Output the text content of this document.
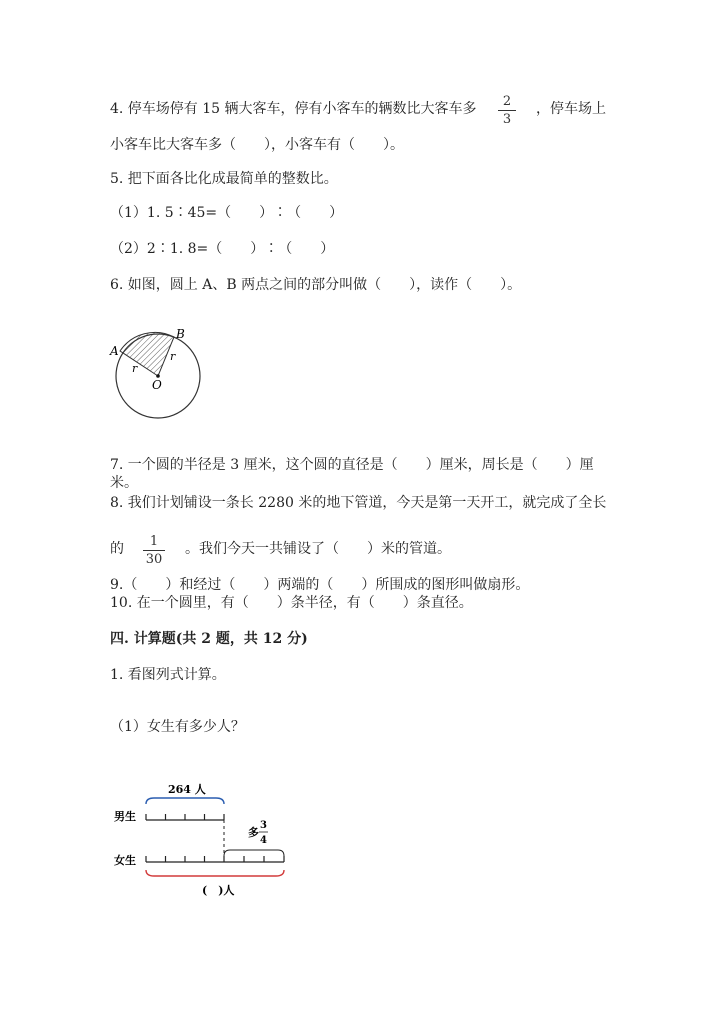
4. 停车场停有 15 辆大客车，停有小客车的辆数比大客车多	2
3
，停车场上
小客车比大客车多（　　），小客车有（　　）。
5. 把下面各比化成最简单的整数比。
（1）1. 5∶45=（　　）∶（　　）
（2）2∶1. 8=（　　）∶（　　）
6. 如图，圆上 A、B 两点之间的部分叫做（　　），读作（　　）。
A
B
O
r
r
7. 一个圆的半径是 3 厘米，这个圆的直径是（　　）厘米，周长是（　　）厘
米。
8. 我们计划铺设一条长 2280 米的地下管道，今天是第一天开工，就完成了全长
的	1
30
。我们今天一共铺设了（　　）米的管道。
9.（　　）和经过（　　）两端的（　　）所围成的图形叫做扇形。
10. 在一个圆里，有（　　）条半径，有（　　）条直径。
四. 计算题(共 2 题，共 12 分)
1. 看图列式计算。
（1）女生有多少人？
264 人
男生
多
3
4
女生
(　)人
